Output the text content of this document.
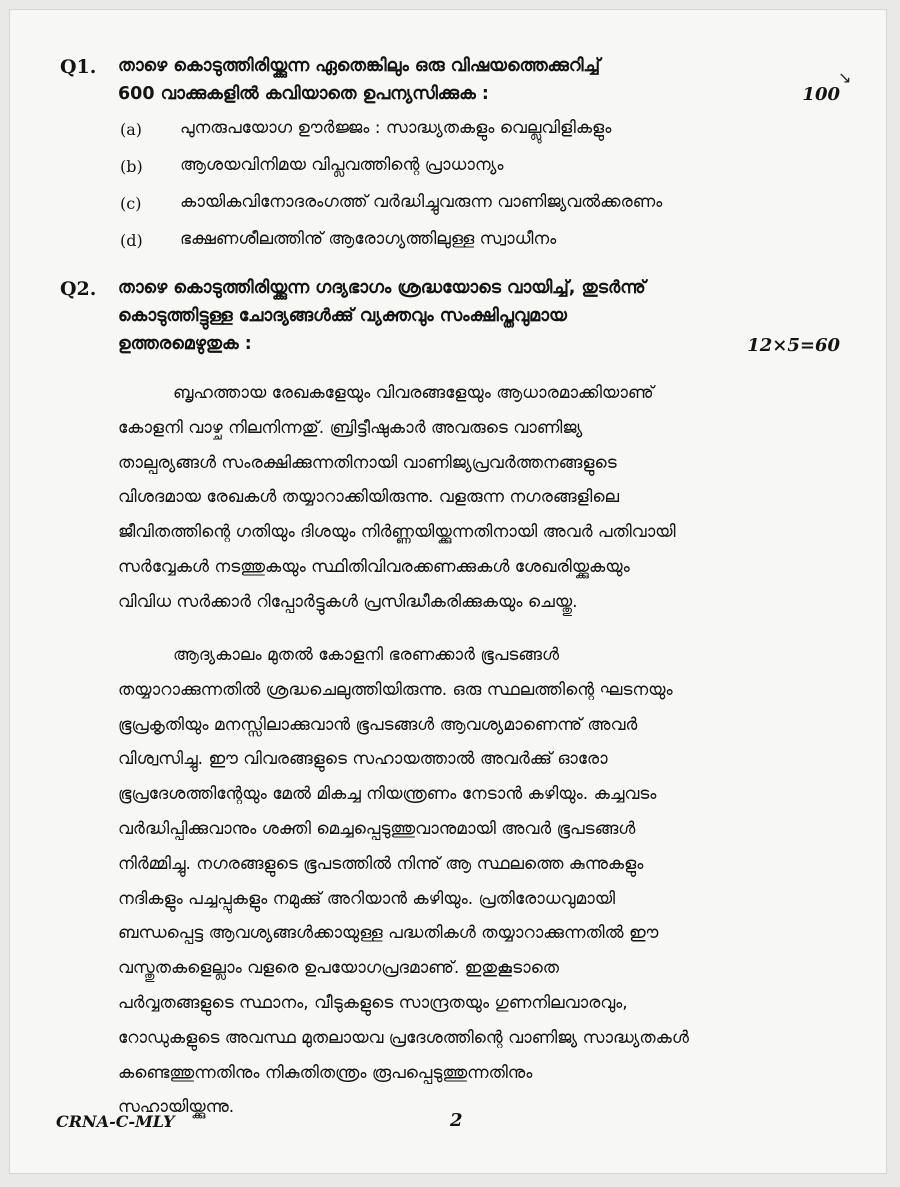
↘
Q1. താഴെ കൊടുത്തിരിയ്ക്കുന്ന ഏതെങ്കിലും ഒരു വിഷയത്തെക്കുറിച്ച്
600 വാക്കുകളിൽ കവിയാതെ ഉപന്യസിക്കുക :	100
(a) പുനരുപയോഗ ഊർജ്ജം : സാദ്ധ്യതകളും വെല്ലുവിളികളും
(b) ആശയവിനിമയ വിപ്ലവത്തിന്റെ പ്രാധാന്യം
(c) കായികവിനോദരംഗത്ത് വർദ്ധിച്ചുവരുന്ന വാണിജ്യവൽക്കരണം
(d) ഭക്ഷണശീലത്തിനു് ആരോഗ്യത്തിലുള്ള സ്വാധീനം
Q2. താഴെ കൊടുത്തിരിയ്ക്കുന്ന ഗദ്യഭാഗം ശ്രദ്ധയോടെ വായിച്ച്, തുടർന്നു്
കൊടുത്തിട്ടുള്ള ചോദ്യങ്ങൾക്കു് വ്യക്തവും സംക്ഷിപ്തവുമായ
ഉത്തരമെഴുതുക :	12×5=60
ബൃഹത്തായ രേഖകളേയും വിവരങ്ങളേയും ആധാരമാക്കിയാണു്
കോളനി വാഴ്ച നിലനിന്നതു്. ബ്രിട്ടീഷുകാർ അവരുടെ വാണിജ്യ
താല്പര്യങ്ങൾ സംരക്ഷിക്കുന്നതിനായി വാണിജ്യപ്രവർത്തനങ്ങളുടെ
വിശദമായ രേഖകൾ തയ്യാറാക്കിയിരുന്നു. വളരുന്ന നഗരങ്ങളിലെ
ജീവിതത്തിന്റെ ഗതിയും ദിശയും നിർണ്ണയിയ്ക്കുന്നതിനായി അവർ പതിവായി
സർവ്വേകൾ നടത്തുകയും സ്ഥിതിവിവരക്കണക്കുകൾ ശേഖരിയ്ക്കുകയും
വിവിധ സർക്കാർ റിപ്പോർട്ടുകൾ പ്രസിദ്ധീകരിക്കുകയും ചെയ്തു.
ആദ്യകാലം മുതൽ കോളനി ഭരണക്കാർ ഭൂപടങ്ങൾ
തയ്യാറാക്കുന്നതിൽ ശ്രദ്ധചെലുത്തിയിരുന്നു. ഒരു സ്ഥലത്തിന്റെ ഘടനയും
ഭൂപ്രകൃതിയും മനസ്സിലാക്കുവാൻ ഭൂപടങ്ങൾ ആവശ്യമാണെന്നു് അവർ
വിശ്വസിച്ചു. ഈ വിവരങ്ങളുടെ സഹായത്താൽ അവർക്കു് ഓരോ
ഭൂപ്രദേശത്തിന്റേയും മേൽ മികച്ച നിയന്ത്രണം നേടാൻ കഴിയും. കച്ചവടം
വർദ്ധിപ്പിക്കുവാനും ശക്തി മെച്ചപ്പെടുത്തുവാനുമായി അവർ ഭൂപടങ്ങൾ
നിർമ്മിച്ചു. നഗരങ്ങളുടെ ഭൂപടത്തിൽ നിന്നു് ആ സ്ഥലത്തെ കുന്നുകളും
നദികളും പച്ചപ്പുകളും നമുക്കു് അറിയാൻ കഴിയും. പ്രതിരോധവുമായി
ബന്ധപ്പെട്ട ആവശ്യങ്ങൾക്കായുള്ള പദ്ധതികൾ തയ്യാറാക്കുന്നതിൽ ഈ
വസ്തുതകളെല്ലാം വളരെ ഉപയോഗപ്രദമാണു്. ഇതുകൂടാതെ
പർവ്വതങ്ങളുടെ സ്ഥാനം, വീടുകളുടെ സാന്ദ്രതയും ഗുണനിലവാരവും,
റോഡുകളുടെ അവസ്ഥ മുതലായവ പ്രദേശത്തിന്റെ വാണിജ്യ സാദ്ധ്യതകൾ
കണ്ടെത്തുന്നതിനും നികുതിതന്ത്രം രൂപപ്പെടുത്തുന്നതിനും
സഹായിയ്ക്കുന്നു.
CRNA-C-MLY	2
